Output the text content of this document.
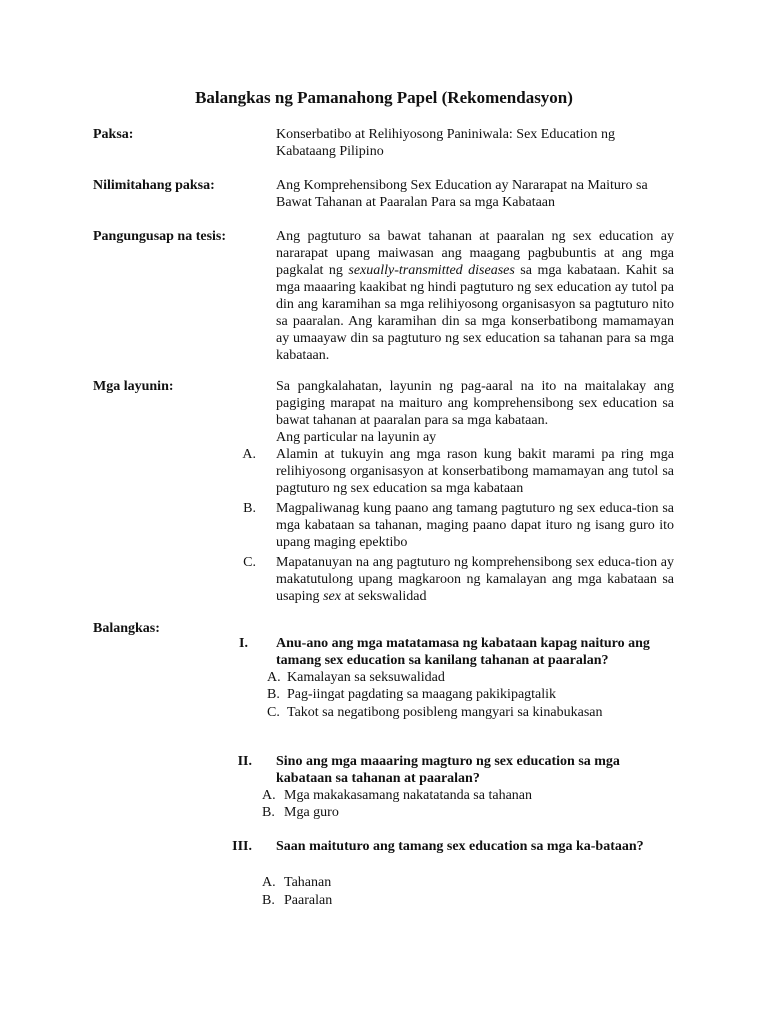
Balangkas ng Pamanahong Papel (Rekomendasyon)
Paksa:	Konserbatibo at Relihiyosong Paniniwala: Sex Education ng Kabataang Pilipino
Nilimitahang paksa:	Ang Komprehensibong Sex Education ay Nararapat na Maituro sa Bawat Tahanan at Paaralan Para sa mga Kabataan
Pangungusap na tesis:	Ang pagtuturo sa bawat tahanan at paaralan ng sex education ay nararapat upang maiwasan ang maagang pagbubuntis at ang mga pagkalat ng sexually-transmitted diseases sa mga kabataan. Kahit sa mga maaaring kaakibat ng hindi pagtuturo ng sex education ay tutol pa din ang karamihan sa mga relihiyosong organisasyon sa pagtuturo nito sa paaralan. Ang karamihan din sa mga konserbatibong mamamayan ay umaayaw din sa pagtuturo ng sex education sa tahanan para sa mga kabataan.
Mga layunin:	Sa pangkalahatan, layunin ng pag-aaral na ito na maitalakay ang pagiging marapat na maituro ang komprehensibong sex education sa bawat tahanan at paaralan para sa mga kabataan.
Ang particular na layunin ay
A. Alamin at tukuyin ang mga rason kung bakit marami pa ring mga relihiyosong organisasyon at konserbatibong mamamayan ang tutol sa pagtuturo ng sex education sa mga kabataan
B. Magpaliwanag kung paano ang tamang pagtuturo ng sex educa-tion sa mga kabataan sa tahanan, maging paano dapat ituro ng isang guro ito upang maging epektibo
C. Mapatanuyan na ang pagtuturo ng komprehensibong sex educa-tion ay makatutulong upang magkaroon ng kamalayan ang mga kabataan sa usaping sex at sekswalidad
Balangkas:
I. Anu-ano ang mga matatamasa ng kabataan kapag naituro ang tamang sex education sa kanilang tahanan at paaralan?
A. Kamalayan sa seksuwalidad
B. Pag-iingat pagdating sa maagang pakikipagtalik
C. Takot sa negatibong posibleng mangyari sa kinabukasan
II. Sino ang mga maaaring magturo ng sex education sa mga kabataan sa tahanan at paaralan?
A. Mga makakasamang nakatatanda sa tahanan
B. Mga guro
III. Saan maituturo ang tamang sex education sa mga ka-bataan?
A. Tahanan
B. Paaralan
